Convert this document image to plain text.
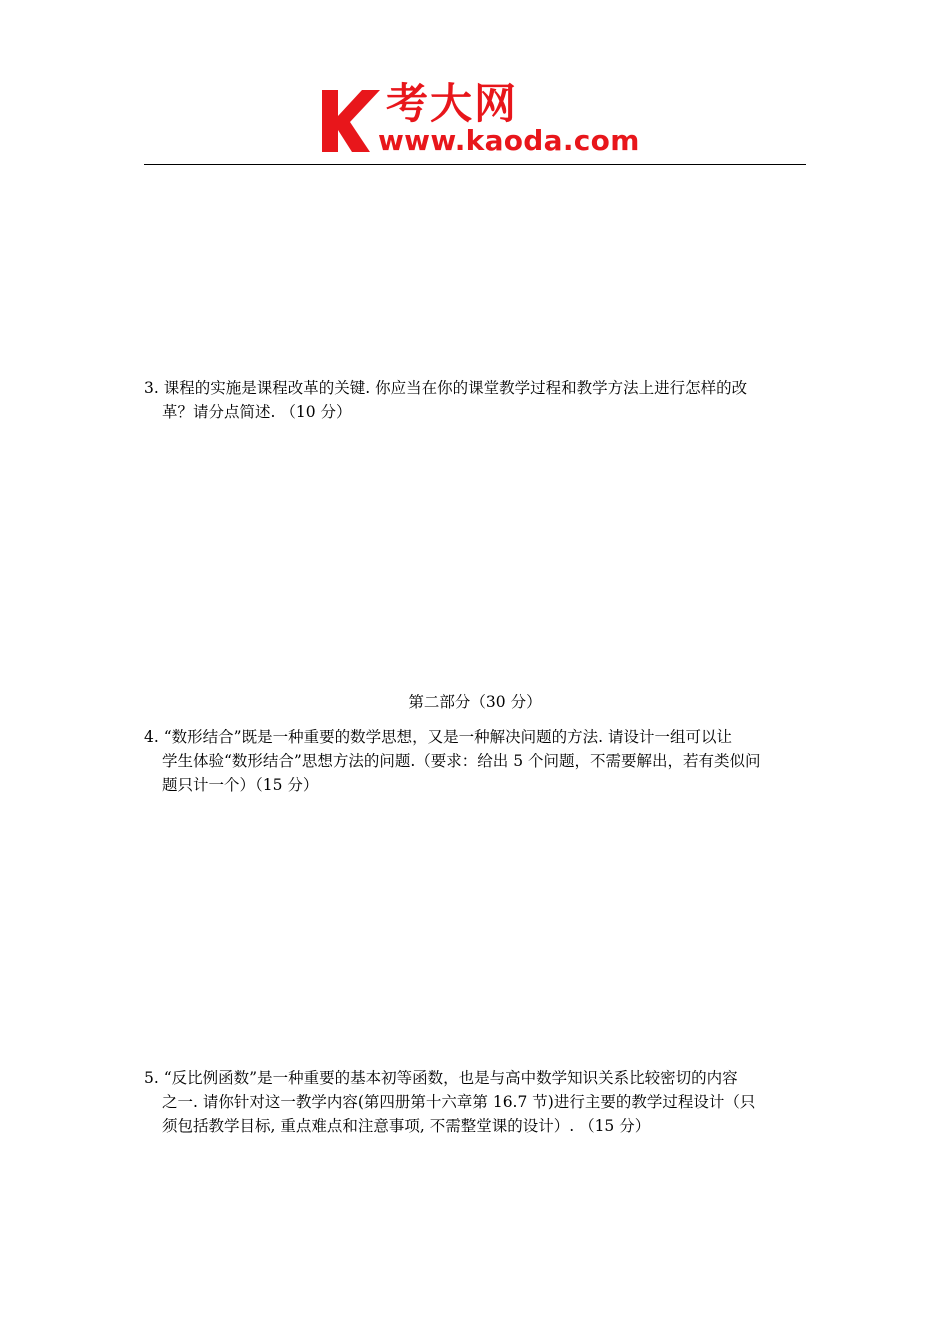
考大网
www.kaoda.com
3. 课程的实施是课程改革的关键. 你应当在你的课堂教学过程和教学方法上进行怎样的改
革？请分点简述. （10 分）
第二部分（30 分）
4. “数形结合”既是一种重要的数学思想，又是一种解决问题的方法. 请设计一组可以让
学生体验“数形结合”思想方法的问题.（要求：给出 5 个问题，不需要解出，若有类似问
题只计一个）（15 分）
5. “反比例函数”是一种重要的基本初等函数，也是与高中数学知识关系比较密切的内容
之一. 请你针对这一教学内容(第四册第十六章第 16.7 节)进行主要的教学过程设计（只
须包括教学目标, 重点难点和注意事项, 不需整堂课的设计）. （15 分）
